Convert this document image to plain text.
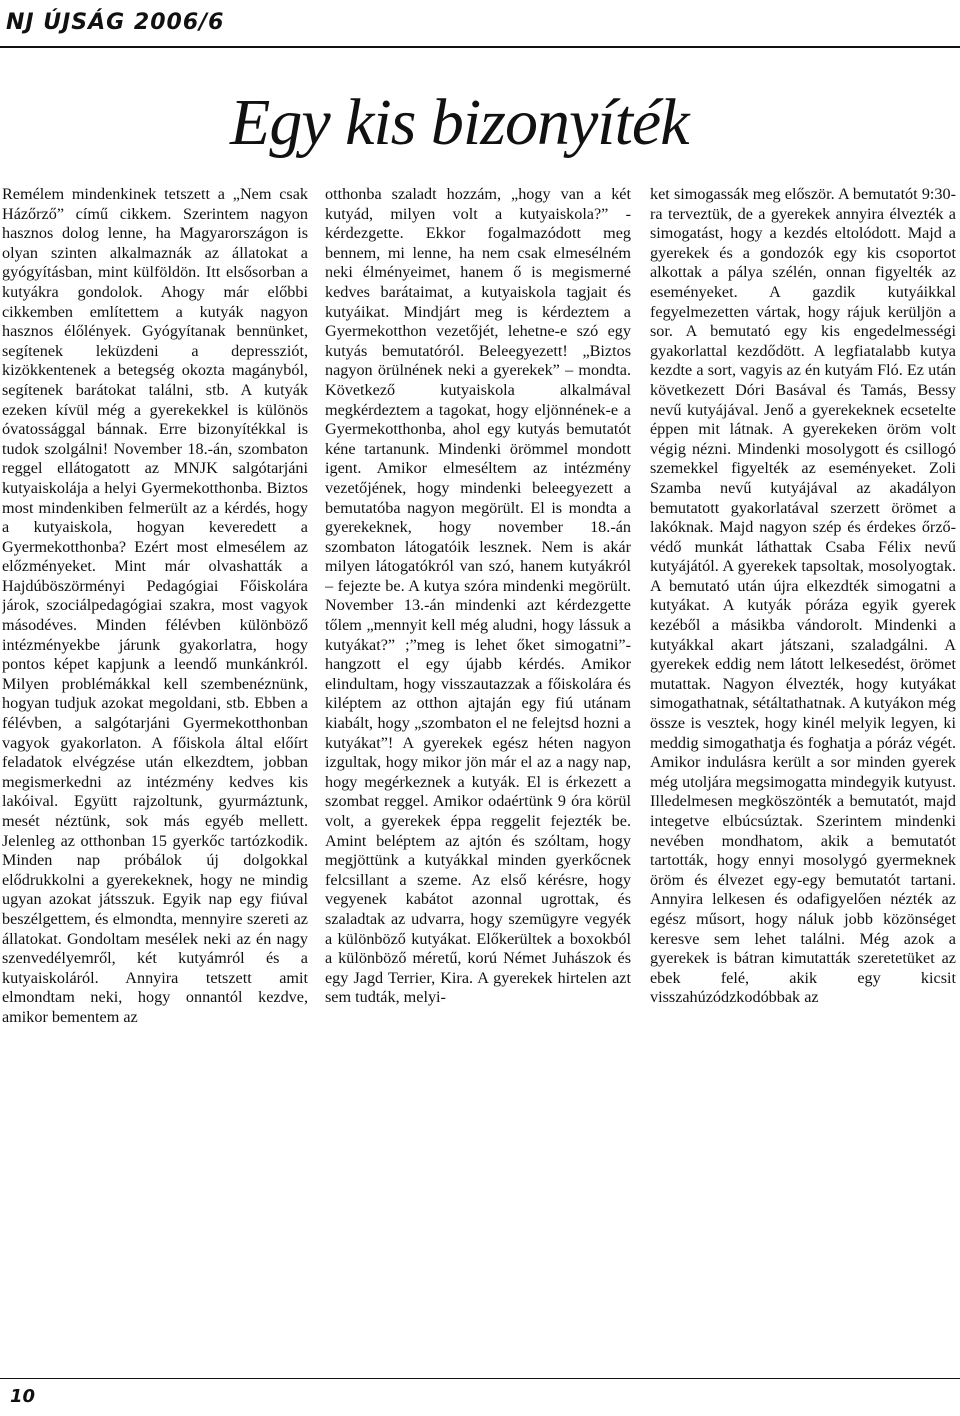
NJ ÚJSÁG 2006/6
Egy kis bizonyíték

Remélem mindenkinek tetszett a „Nem csak Házőrző” című cikkem. Szerintem nagyon hasznos dolog lenne, ha Magyarországon is olyan szinten alkalmaznák az állatokat a gyógyításban, mint külföldön. Itt elsősorban a kutyákra gondolok. Ahogy már előbbi cikkemben említettem a kutyák nagyon hasznos élőlények. Gyógyítanak bennünket, segítenek leküzdeni a depressziót, kizökkentenek a betegség okozta magányból, segítenek barátokat találni, stb. A kutyák ezeken kívül még a gyerekekkel is különös óvatossággal bánnak. Erre bizonyítékkal is tudok szolgálni! November 18.-án, szombaton reggel ellátogatott az MNJK salgótarjáni kutyaiskolája a helyi Gyermekotthonba. Biztos most mindenkiben felmerült az a kérdés, hogy a kutyaiskola, hogyan keveredett a Gyermekotthonba? Ezért most elmesélem az előzményeket. Mint már olvashatták a Hajdúböszörményi Pedagógiai Főiskolára járok, szociálpedagógiai szakra, most vagyok másodéves. Minden félévben különböző intézményekbe járunk gyakorlatra, hogy pontos képet kapjunk a leendő munkánkról. Milyen problémákkal kell szembenéznünk, hogyan tudjuk azokat megoldani, stb. Ebben a félévben, a salgótarjáni Gyermekotthonban vagyok gyakorlaton. A főiskola által előírt feladatok elvégzése után elkezdtem, jobban megismerkedni az intézmény kedves kis lakóival. Együtt rajzoltunk, gyurmáztunk, mesét néztünk, sok más egyéb mellett. Jelenleg az otthonban 15 gyerkőc tartózkodik. Minden nap próbálok új dolgokkal elődrukkolni a gyerekeknek, hogy ne mindig ugyan azokat játsszuk. Egyik nap egy fiúval beszélgettem, és elmondta, mennyire szereti az állatokat. Gondoltam mesélek neki az én nagy szenvedélyemről, két kutyámról és a kutyaiskoláról. Annyira tetszett amit elmondtam neki, hogy onnantól kezdve, amikor bementem az

otthonba szaladt hozzám, „hogy van a két kutyád, milyen volt a kutyaiskola?” - kérdezgette. Ekkor fogalmazódott meg bennem, mi lenne, ha nem csak elmesélném neki élményeimet, hanem ő is megismerné kedves barátaimat, a kutyaiskola tagjait és kutyáikat. Mindjárt meg is kérdeztem a Gyermekotthon vezetőjét, lehetne-e szó egy kutyás bemutatóról. Beleegyezett! „Biztos nagyon örülnének neki a gyerekek” – mondta. Következő kutyaiskola alkalmával megkérdeztem a tagokat, hogy eljönnének-e a Gyermekotthonba, ahol egy kutyás bemutatót kéne tartanunk. Mindenki örömmel mondott igent. Amikor elmeséltem az intézmény vezetőjének, hogy mindenki beleegyezett a bemutatóba nagyon megörült. El is mondta a gyerekeknek, hogy november 18.-án szombaton látogatóik lesznek. Nem is akár milyen látogatókról van szó, hanem kutyákról – fejezte be. A kutya szóra mindenki megörült. November 13.-án mindenki azt kérdezgette tőlem „mennyit kell még aludni, hogy lássuk a kutyákat?” ;”meg is lehet őket simogatni”- hangzott el egy újabb kérdés. Amikor elindultam, hogy visszautazzak a főiskolára és kiléptem az otthon ajtaján egy fiú utánam kiabált, hogy „szombaton el ne felejtsd hozni a kutyákat”! A gyerekek egész héten nagyon izgultak, hogy mikor jön már el az a nagy nap, hogy megérkeznek a kutyák. El is érkezett a szombat reggel. Amikor odaértünk 9 óra körül volt, a gyerekek éppa reggelit fejezték be. Amint beléptem az ajtón és szóltam, hogy megjöttünk a kutyákkal minden gyerkőcnek felcsillant a szeme. Az első kérésre, hogy vegyenek kabátot azonnal ugrottak, és szaladtak az udvarra, hogy szemügyre vegyék a különböző kutyákat. Előkerültek a boxokból a különböző méretű, korú Német Juhászok és egy Jagd Terrier, Kira. A gyerekek hirtelen azt sem tudták, melyi-

ket simogassák meg először. A bemutatót 9:30-ra terveztük, de a gyerekek annyira élvezték a simogatást, hogy a kezdés eltolódott. Majd a gyerekek és a gondozók egy kis csoportot alkottak a pálya szélén, onnan figyelték az eseményeket. A gazdik kutyáikkal fegyelmezetten vártak, hogy rájuk kerüljön a sor. A bemutató egy kis engedelmességi gyakorlattal kezdődött. A legfiatalabb kutya kezdte a sort, vagyis az én kutyám Fló. Ez után következett Dóri Basával és Tamás, Bessy nevű kutyájával. Jenő a gyerekeknek ecsetelte éppen mit látnak. A gyerekeken öröm volt végig nézni. Mindenki mosolygott és csillogó szemekkel figyelték az eseményeket. Zoli Szamba nevű kutyájával az akadályon bemutatott gyakorlatával szerzett örömet a lakóknak. Majd nagyon szép és érdekes őrző-védő munkát láthattak Csaba Félix nevű kutyájától. A gyerekek tapsoltak, mosolyogtak. A bemutató után újra elkezdték simogatni a kutyákat. A kutyák póráza egyik gyerek kezéből a másikba vándorolt. Mindenki a kutyákkal akart játszani, szaladgálni. A gyerekek eddig nem látott lelkesedést, örömet mutattak. Nagyon élvezték, hogy kutyákat simogathatnak, sétáltathatnak. A kutyákon még össze is vesztek, hogy kinél melyik legyen, ki meddig simogathatja és foghatja a póráz végét. Amikor indulásra került a sor minden gyerek még utoljára megsimogatta mindegyik kutyust. Illedelmesen megköszönték a bemutatót, majd integetve elbúcsúztak. Szerintem mindenki nevében mondhatom, akik a bemutatót tartották, hogy ennyi mosolygó gyermeknek öröm és élvezet egy-egy bemutatót tartani. Annyira lelkesen és odafigyelően nézték az egész műsort, hogy náluk jobb közönséget keresve sem lehet találni. Még azok a gyerekek is bátran kimutatták szeretetüket az ebek felé, akik egy kicsit visszahúzódzkodóbbak az

10
